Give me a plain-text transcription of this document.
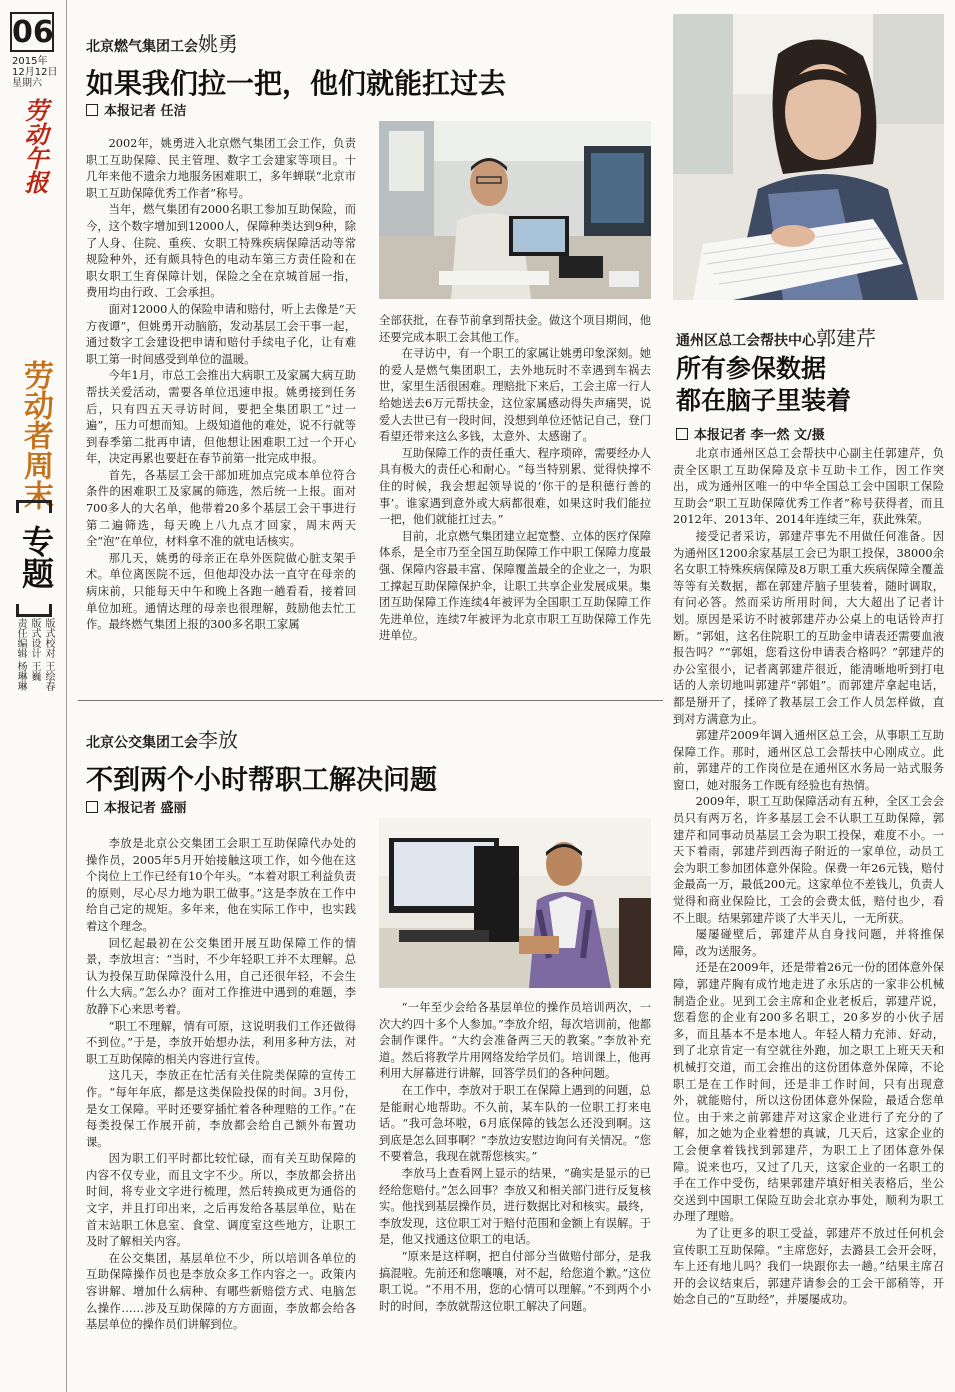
06
2015年
12月12日
星期六
劳动午报
劳动者周末
专题
版式校对 王绘春
版式设计 王巍
责任编辑 杨琳琳
北京燃气集团工会姚勇
如果我们拉一把，他们就能扛过去
本报记者 任洁

2002年，姚勇进入北京燃气集团工会工作，负责职工互助保障、民主管理、数字工会建家等项目。十几年来他不遗余力地服务困难职工，多年蝉联“北京市职工互助保障优秀工作者”称号。

当年，燃气集团有2000名职工参加互助保险，而今，这个数字增加到12000人，保障种类达到9种，除了人身、住院、重疾、女职工特殊疾病保障活动等常规险种外，还有颇具特色的电动车第三方责任险和在职女职工生育保障计划，保险之全在京城首屈一指，费用均由行政、工会承担。

面对12000人的保险申请和赔付，听上去像是“天方夜谭”，但姚勇开动脑筋，发动基层工会干事一起，通过数字工会建设把申请和赔付手续电子化，让有难职工第一时间感受到单位的温暖。

今年1月，市总工会推出大病职工及家属大病互助帮扶关爱活动，需要各单位迅速申报。姚勇接到任务后，只有四五天寻访时间，要把全集团职工“过一遍”，压力可想而知。上级知道他的难处，说不行就等到春季第二批再申请，但他想让困难职工过一个开心年，决定再累也要赶在春节前第一批完成申报。

首先，各基层工会干部加班加点完成本单位符合条件的困难职工及家属的筛选，然后统一上报。面对700多人的大名单，他带着20多个基层工会干事进行第二遍筛选，每天晚上八九点才回家，周末两天全“泡”在单位，材料拿不准的就电话核实。

那几天，姚勇的母亲正在阜外医院做心脏支架手术。单位离医院不远，但他却没办法一直守在母亲的病床前，只能每天中午和晚上各跑一趟看看，接着回单位加班。通情达理的母亲也很理解，鼓励他去忙工作。最终燃气集团上报的300多名职工家属

全部获批，在春节前拿到帮扶金。做这个项目期间，他还要完成本职工会其他工作。

在寻访中，有一个职工的家属让姚勇印象深刻。她的爱人是燃气集团职工，去外地玩时不幸遇到车祸去世，家里生活很困难。理赔批下来后，工会主席一行人给她送去6万元帮扶金，这位家属感动得失声痛哭，说爱人去世已有一段时间，没想到单位还惦记自己，登门看望还带来这么多钱，太意外、太感谢了。

互助保障工作的责任重大、程序琐碎，需要经办人具有极大的责任心和耐心。“每当特别累、觉得快撑不住的时候，我会想起领导说的‘你干的是积德行善的事’。谁家遇到意外或大病都很难，如果这时我们能拉一把，他们就能扛过去。”

目前，北京燃气集团建立起宽整、立体的医疗保障体系，是全市乃至全国互助保障工作中职工保障力度最强、保障内容最丰富、保障覆盖最全的企业之一，为职工撑起互助保障保护伞，让职工共享企业发展成果。集团互助保障工作连续4年被评为全国职工互助保障工作先进单位，连续7年被评为北京市职工互助保障工作先进单位。

北京公交集团工会李放
不到两个小时帮职工解决问题
本报记者 盛丽

李放是北京公交集团工会职工互助保障代办处的操作员，2005年5月开始接触这项工作，如今他在这个岗位上工作已经有10个年头。“本着对职工利益负责的原则，尽心尽力地为职工做事。”这是李放在工作中给自己定的规矩。多年来，他在实际工作中，也实践着这个理念。

回忆起最初在公交集团开展互助保障工作的情景，李放坦言：“当时，不少年轻职工并不太理解。总认为投保互助保障没什么用，自己还很年轻，不会生什么大病。”怎么办？面对工作推进中遇到的难题，李放静下心来思考着。

“职工不理解，情有可原，这说明我们工作还做得不到位。”于是，李放开始想办法，利用多种方法，对职工互助保障的相关内容进行宣传。

这几天，李放正在忙活有关住院类保障的宣传工作。“每年年底，都是这类保险投保的时间。3月份，是女工保障。平时还要穿插忙着各种理赔的工作。”在每类投保工作展开前，李放都会给自己额外布置功课。

因为职工们平时都比较忙碌，而有关互助保障的内容不仅专业，而且文字不少。所以，李放都会挤出时间，将专业文字进行梳理，然后转换成更为通俗的文字，并且打印出来，之后再发给各基层单位，贴在首末站职工休息室、食堂、调度室这些地方，让职工及时了解相关内容。

在公交集团，基层单位不少，所以培训各单位的互助保障操作员也是李放众多工作内容之一。政策内容讲解、增加什么病种、有哪些新赔偿方式、电脑怎么操作……涉及互助保障的方方面面，李放都会给各基层单位的操作员们讲解到位。

“一年至少会给各基层单位的操作员培训两次，一次大约四十多个人参加。”李放介绍，每次培训前，他都会制作课件。“大约会准备两三天的教案。”李放补充道。然后将教学片用网络发给学员们。培训课上，他再利用大屏幕进行讲解，回答学员们的各种问题。

在工作中，李放对于职工在保障上遇到的问题，总是能耐心地帮助。不久前，某车队的一位职工打来电话。“我可急坏啦，6月底保障的钱怎么还没到啊。这到底是怎么回事啊？”李放边安慰边询问有关情况。“您不要着急，我现在就帮您核实。”

李放马上查看网上显示的结果，“确实是显示的已经给您赔付。”怎么回事？李放又和相关部门进行反复核实。他找到基层操作员，进行数据比对和核实。最终，李放发现，这位职工对于赔付范围和金额上有误解。于是，他又找通这位职工的电话。

“原来是这样啊，把自付部分当做赔付部分，是我搞混啦。先前还和您嚷嚷，对不起，给您道个歉。”这位职工说。“不用不用，您的心情可以理解。”不到两个小时的时间，李放就帮这位职工解决了问题。

通州区总工会帮扶中心郭建芹
所有参保数据
都在脑子里装着
本报记者 李一然 文/摄

北京市通州区总工会帮扶中心副主任郭建芹，负责全区职工互助保障及京卡互助卡工作，因工作突出，成为通州区唯一的中华全国总工会中国职工保险互助会“职工互助保障优秀工作者”称号获得者，而且2012年、2013年、2014年连续三年，获此殊荣。

接受记者采访，郭建芹事先不用做任何准备。因为通州区1200余家基层工会已为职工投保，38000余名女职工特殊疾病保障及8万职工重大疾病保障全覆盖等等有关数据，都在郭建芹脑子里装着，随时调取，有问必答。然而采访所用时间，大大超出了记者计划。原因是采访不时被郭建芹办公桌上的电话铃声打断。“郭姐，这名住院职工的互助金申请表还需要血液报告吗？”“郭姐，您看这份申请表合格吗？”郭建芹的办公室很小，记者离郭建芹很近，能清晰地听到打电话的人亲切地叫郭建芹“郭姐”。而郭建芹拿起电话，都是掰开了，揉碎了教基层工会工作人员怎样做，直到对方满意为止。

郭建芹2009年调入通州区总工会，从事职工互助保障工作。那时，通州区总工会帮扶中心刚成立。此前，郭建芹的工作岗位是在通州区水务局一站式服务窗口，她对服务工作既有经验也有热情。

2009年，职工互助保障活动有五种，全区工会会员只有两万名，许多基层工会不认职工互助保障，郭建芹和同事动员基层工会为职工投保，难度不小。一天下着雨，郭建芹到西海子附近的一家单位，动员工会为职工参加团体意外保险。保费一年26元钱，赔付金最高一万，最低200元。这家单位不差钱儿，负责人觉得和商业保险比，工会的会费太低，赔付也少，看不上眼。结果郭建芹谈了大半天儿，一无所获。

屡屡碰壁后，郭建芹从自身找问题，并将推保障，改为送服务。

还是在2009年，还是带着26元一份的团体意外保障，郭建芹胸有成竹地走进了永乐店的一家非公机械制造企业。见到工会主席和企业老板后，郭建芹说，您看您的企业有200多名职工，20多岁的小伙子居多，而且基本不是本地人。年轻人精力充沛、好动，到了北京肯定一有空就往外跑，加之职工上班天天和机械打交道，而工会推出的这份团体意外保障，不论职工是在工作时间，还是非工作时间，只有出现意外，就能赔付，所以这份团体意外保险，最适合您单位。由于来之前郭建芹对这家企业进行了充分的了解，加之她为企业着想的真诚，几天后，这家企业的工会便拿着钱找到郭建芹，为职工上了团体意外保障。说来也巧，又过了几天，这家企业的一名职工的手在工作中受伤，结果郭建芹填好相关表格后，坐公交送到中国职工保险互助会北京办事处，顺利为职工办理了理赔。

为了让更多的职工受益，郭建芹不放过任何机会宣传职工互助保障。“主席您好，去潞县工会开会呀，车上还有地儿吗？我们一块跟你去一趟。”结果主席召开的会议结束后，郭建芹请参会的工会干部稍等，开始念自己的“互助经”，并屡屡成功。
